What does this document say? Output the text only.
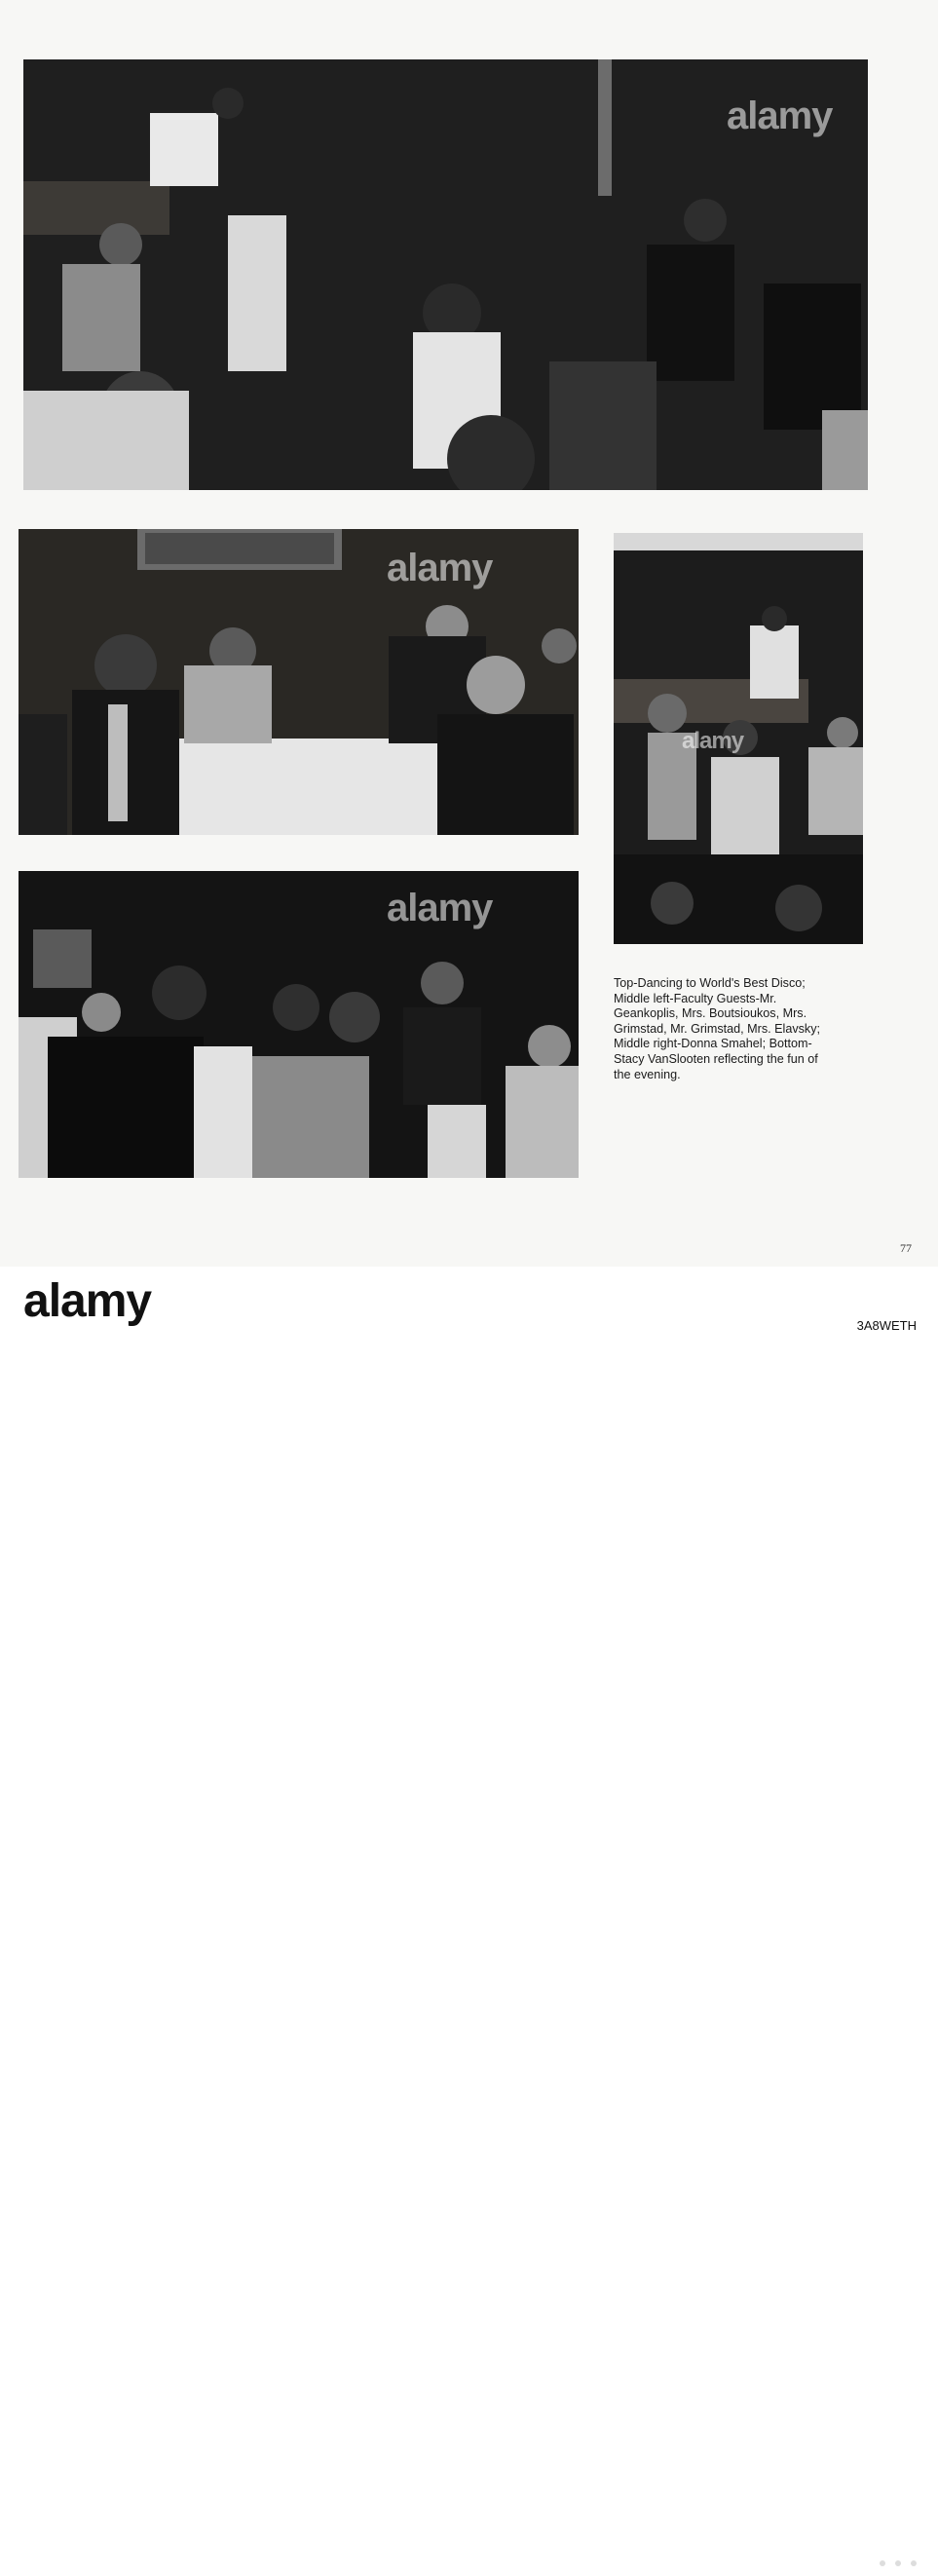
alamy
alamy
alamy
alamy
Top-Dancing to World's Best Disco;
Middle left-Faculty Guests-Mr.
Geankoplis, Mrs. Boutsioukos, Mrs.
Grimstad, Mr. Grimstad, Mrs. Elavsky;
Middle right-Donna Smahel; Bottom-
Stacy VanSlooten reflecting the fun of
the evening.
77
alamy	3A8WETH
